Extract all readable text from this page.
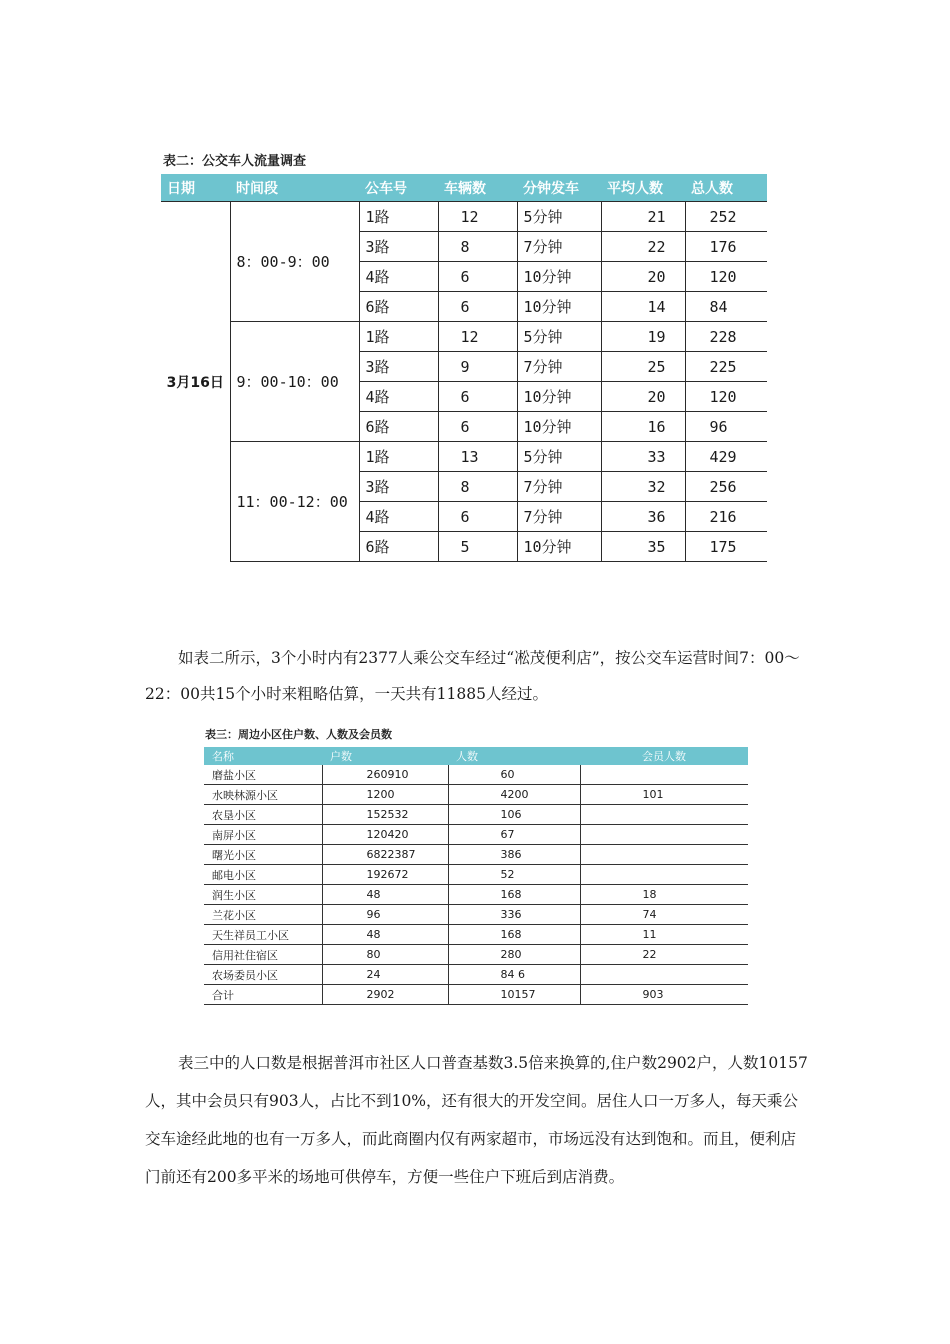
表二：公交车人流量调查
日期	时间段	公车号	车辆数	分钟发车	平均人数	总人数
3月16日	8：00-9：00	1路	12	5分钟	21	252
		3路	8	7分钟	22	176
		4路	6	10分钟	20	120
		6路	6	10分钟	14	84
	9：00-10：00	1路	12	5分钟	19	228
		3路	9	7分钟	25	225
		4路	6	10分钟	20	120
		6路	6	10分钟	16	96
	11：00-12：00	1路	13	5分钟	33	429
		3路	8	7分钟	32	256
		4路	6	7分钟	36	216
		6路	5	10分钟	35	175

如表二所示，3个小时内有2377人乘公交车经过“凇茂便利店”，按公交车运营时间7：00～22：00共15个小时来粗略估算，一天共有11885人经过。

表三：周边小区住户数、人数及会员数
名称	户数	人数	会员人数
磨盐小区	260910	60	
水映林源小区	1200	4200	101
农垦小区	152532	106	
南屏小区	120420	67	
曙光小区	6822387	386	
邮电小区	192672	52	
润生小区	48	168	18
兰花小区	96	336	74
天生祥员工小区	48	168	11
信用社住宿区	80	280	22
农场委员小区	24	84 6	
合计	2902	10157	903

表三中的人口数是根据普洱市社区人口普查基数3.5倍来换算的,住户数2902户，人数10157人，其中会员只有903人，占比不到10%，还有很大的开发空间。居住人口一万多人，每天乘公交车途经此地的也有一万多人，而此商圈内仅有两家超市，市场远没有达到饱和。而且，便利店门前还有200多平米的场地可供停车，方便一些住户下班后到店消费。
